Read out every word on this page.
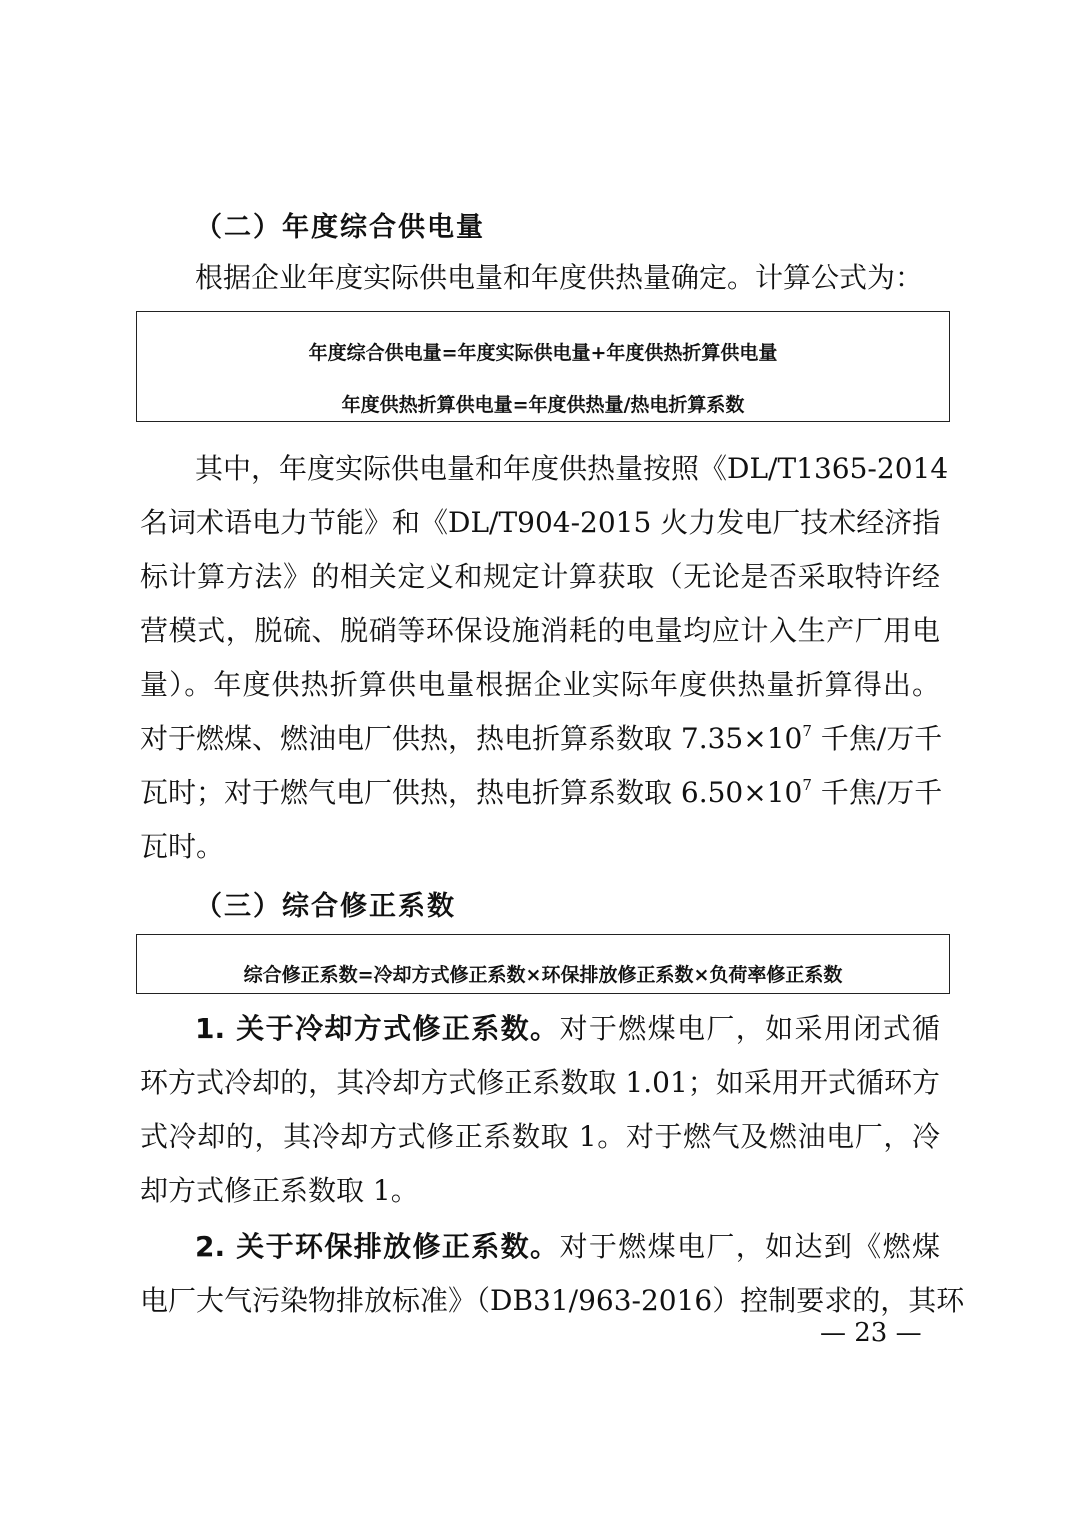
（二）年度综合供电量
根据企业年度实际供电量和年度供热量确定。计算公式为：
年度综合供电量=年度实际供电量+年度供热折算供电量
年度供热折算供电量=年度供热量/热电折算系数
其中，年度实际供电量和年度供热量按照《DL/T1365-2014
名词术语电力节能》和《DL/T904-2015 火力发电厂技术经济指
标计算方法》的相关定义和规定计算获取（无论是否采取特许经
营模式，脱硫、脱硝等环保设施消耗的电量均应计入生产厂用电
量）。年度供热折算供电量根据企业实际年度供热量折算得出。
对于燃煤、燃油电厂供热，热电折算系数取 $7.35\times 10^7$ 千焦/万千
瓦时；对于燃气电厂供热，热电折算系数取 $6.50\times 10^7$ 千焦/万千
瓦时。
（三）综合修正系数
综合修正系数=冷却方式修正系数×环保排放修正系数×负荷率修正系数
1. 关于冷却方式修正系数。对于燃煤电厂，如采用闭式循
环方式冷却的，其冷却方式修正系数取 1.01；如采用开式循环方
式冷却的，其冷却方式修正系数取 1。对于燃气及燃油电厂，冷
却方式修正系数取 1。
2. 关于环保排放修正系数。对于燃煤电厂，如达到《燃煤
电厂大气污染物排放标准》（DB31/963-2016）控制要求的，其环
— 23 —
